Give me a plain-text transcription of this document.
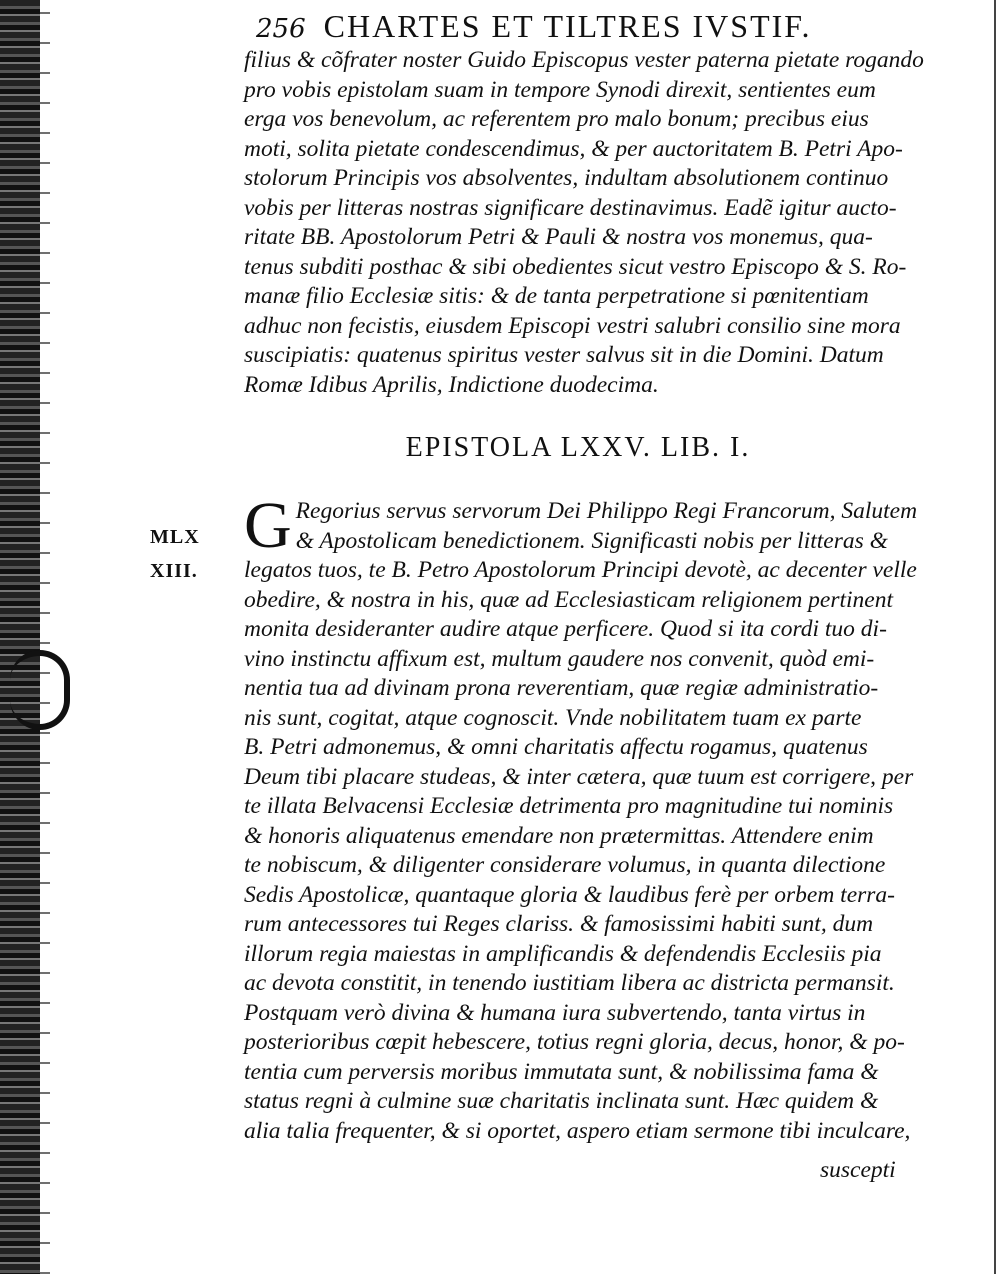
256 CHARTES ET TILTRES IVSTIF.
filius & cõfrater noster Guido Episcopus vester paterna pietate rogando
pro vobis epistolam suam in tempore Synodi direxit, sentientes eum
erga vos benevolum, ac referentem pro malo bonum; precibus eius
moti, solita pietate condescendimus, & per auctoritatem B. Petri Apo-
stolorum Principis vos absolventes, indultam absolutionem continuo
vobis per litteras nostras significare destinavimus. Eadẽ igitur aucto-
ritate BB. Apostolorum Petri & Pauli & nostra vos monemus, qua-
tenus subditi posthac & sibi obedientes sicut vestro Episcopo & S. Ro-
manæ filio Ecclesiæ sitis: & de tanta perpetratione si pœnitentiam
adhuc non fecistis, eiusdem Episcopi vestri salubri consilio sine mora
suscipiatis: quatenus spiritus vester salvus sit in die Domini. Datum
Romæ Idibus Aprilis, Indictione duodecima.
EPISTOLA LXXV. LIB. I.
MLX
XIII.
G Regorius servus servorum Dei Philippo Regi Francorum, Salutem
& Apostolicam benedictionem. Significasti nobis per litteras &
legatos tuos, te B. Petro Apostolorum Principi devotè, ac decenter velle
obedire, & nostra in his, quæ ad Ecclesiasticam religionem pertinent
monita desideranter audire atque perficere. Quod si ita cordi tuo di-
vino instinctu affixum est, multum gaudere nos convenit, quòd emi-
nentia tua ad divinam prona reverentiam, quæ regiæ administratio-
nis sunt, cogitat, atque cognoscit. Vnde nobilitatem tuam ex parte
B. Petri admonemus, & omni charitatis affectu rogamus, quatenus
Deum tibi placare studeas, & inter cætera, quæ tuum est corrigere, per
te illata Belvacensi Ecclesiæ detrimenta pro magnitudine tui nominis
& honoris aliquatenus emendare non prætermittas. Attendere enim
te nobiscum, & diligenter considerare volumus, in quanta dilectione
Sedis Apostolicæ, quantaque gloria & laudibus ferè per orbem terra-
rum antecessores tui Reges clariss. & famosissimi habiti sunt, dum
illorum regia maiestas in amplificandis & defendendis Ecclesiis pia
ac devota constitit, in tenendo iustitiam libera ac districta permansit.
Postquam verò divina & humana iura subvertendo, tanta virtus in
posterioribus cœpit hebescere, totius regni gloria, decus, honor, & po-
tentia cum perversis moribus immutata sunt, & nobilissima fama &
status regni à culmine suæ charitatis inclinata sunt. Hæc quidem &
alia talia frequenter, & si oportet, aspero etiam sermone tibi inculcare,
suscepti
